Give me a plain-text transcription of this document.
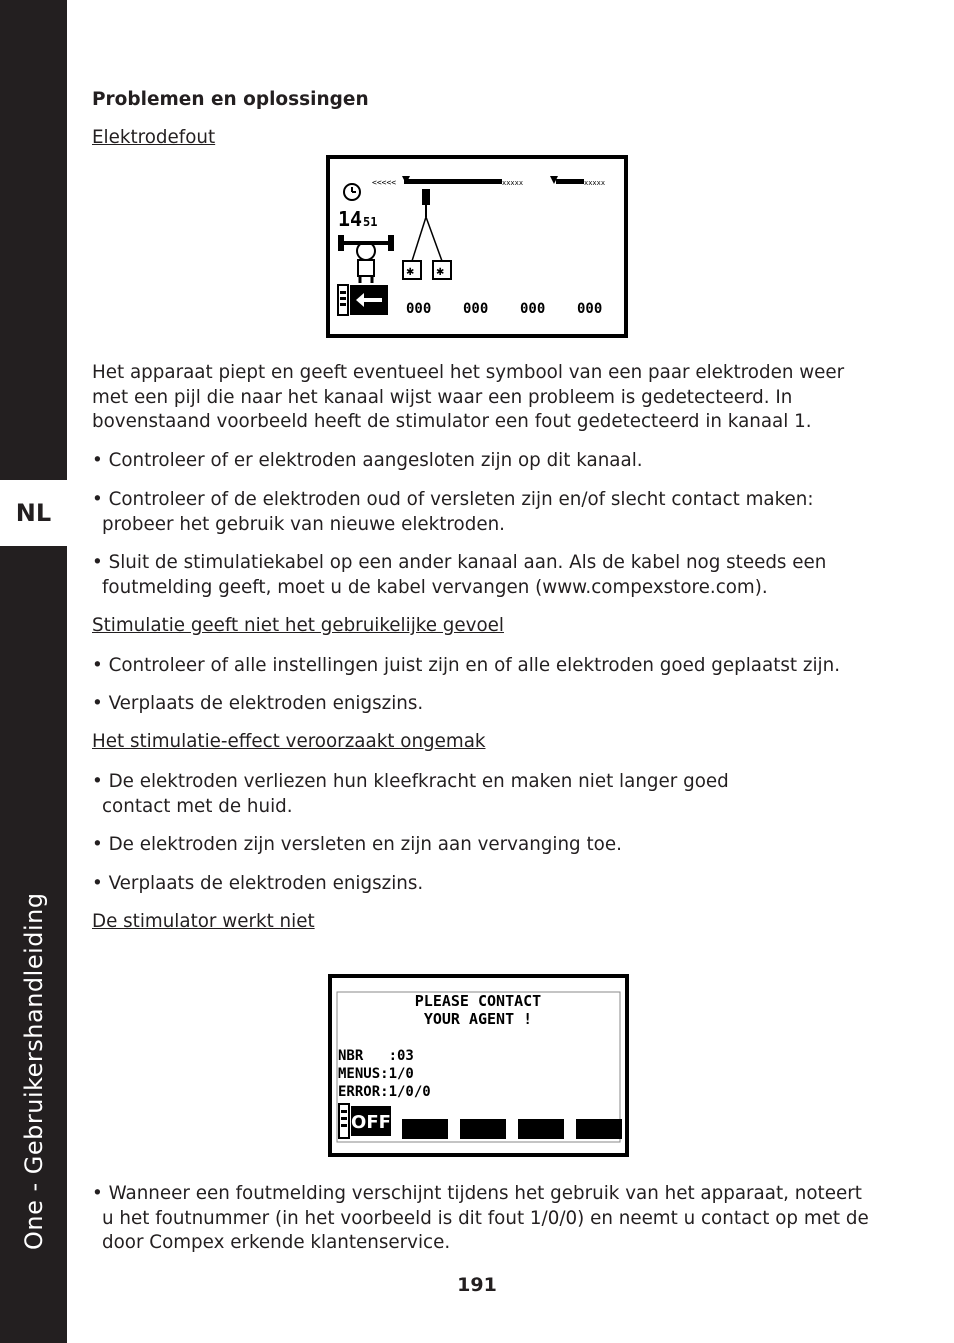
NL
One - Gebruikershandleiding
Problemen en oplossingen
Elektrodefout
<<<<<	xxxxx	xxxxx
14 51
✱ ✱
000 000 000 000
Het apparaat piept en geeft eventueel het symbool van een paar elektroden weer met een pijl die naar het kanaal wijst waar een probleem is gedetecteerd. In bovenstaand voorbeeld heeft de stimulator een fout gedetecteerd in kanaal 1.
• Controleer of er elektroden aangesloten zijn op dit kanaal.
• Controleer of de elektroden oud of versleten zijn en/of slecht contact maken: probeer het gebruik van nieuwe elektroden.
• Sluit de stimulatiekabel op een ander kanaal aan. Als de kabel nog steeds een foutmelding geeft, moet u de kabel vervangen (www.compexstore.com).
Stimulatie geeft niet het gebruikelijke gevoel
• Controleer of alle instellingen juist zijn en of alle elektroden goed geplaatst zijn.
• Verplaats de elektroden enigszins.
Het stimulatie-effect veroorzaakt ongemak
• De elektroden verliezen hun kleefkracht en maken niet langer goed contact met de huid.
• De elektroden zijn versleten en zijn aan vervanging toe.
• Verplaats de elektroden enigszins.
De stimulator werkt niet
PLEASE CONTACT
YOUR AGENT !
NBR   :03
MENUS:1/0
ERROR:1/0/0
OFF
• Wanneer een foutmelding verschijnt tijdens het gebruik van het apparaat, noteert u het foutnummer (in het voorbeeld is dit fout 1/0/0) en neemt u contact op met de door Compex erkende klantenservice.
191
